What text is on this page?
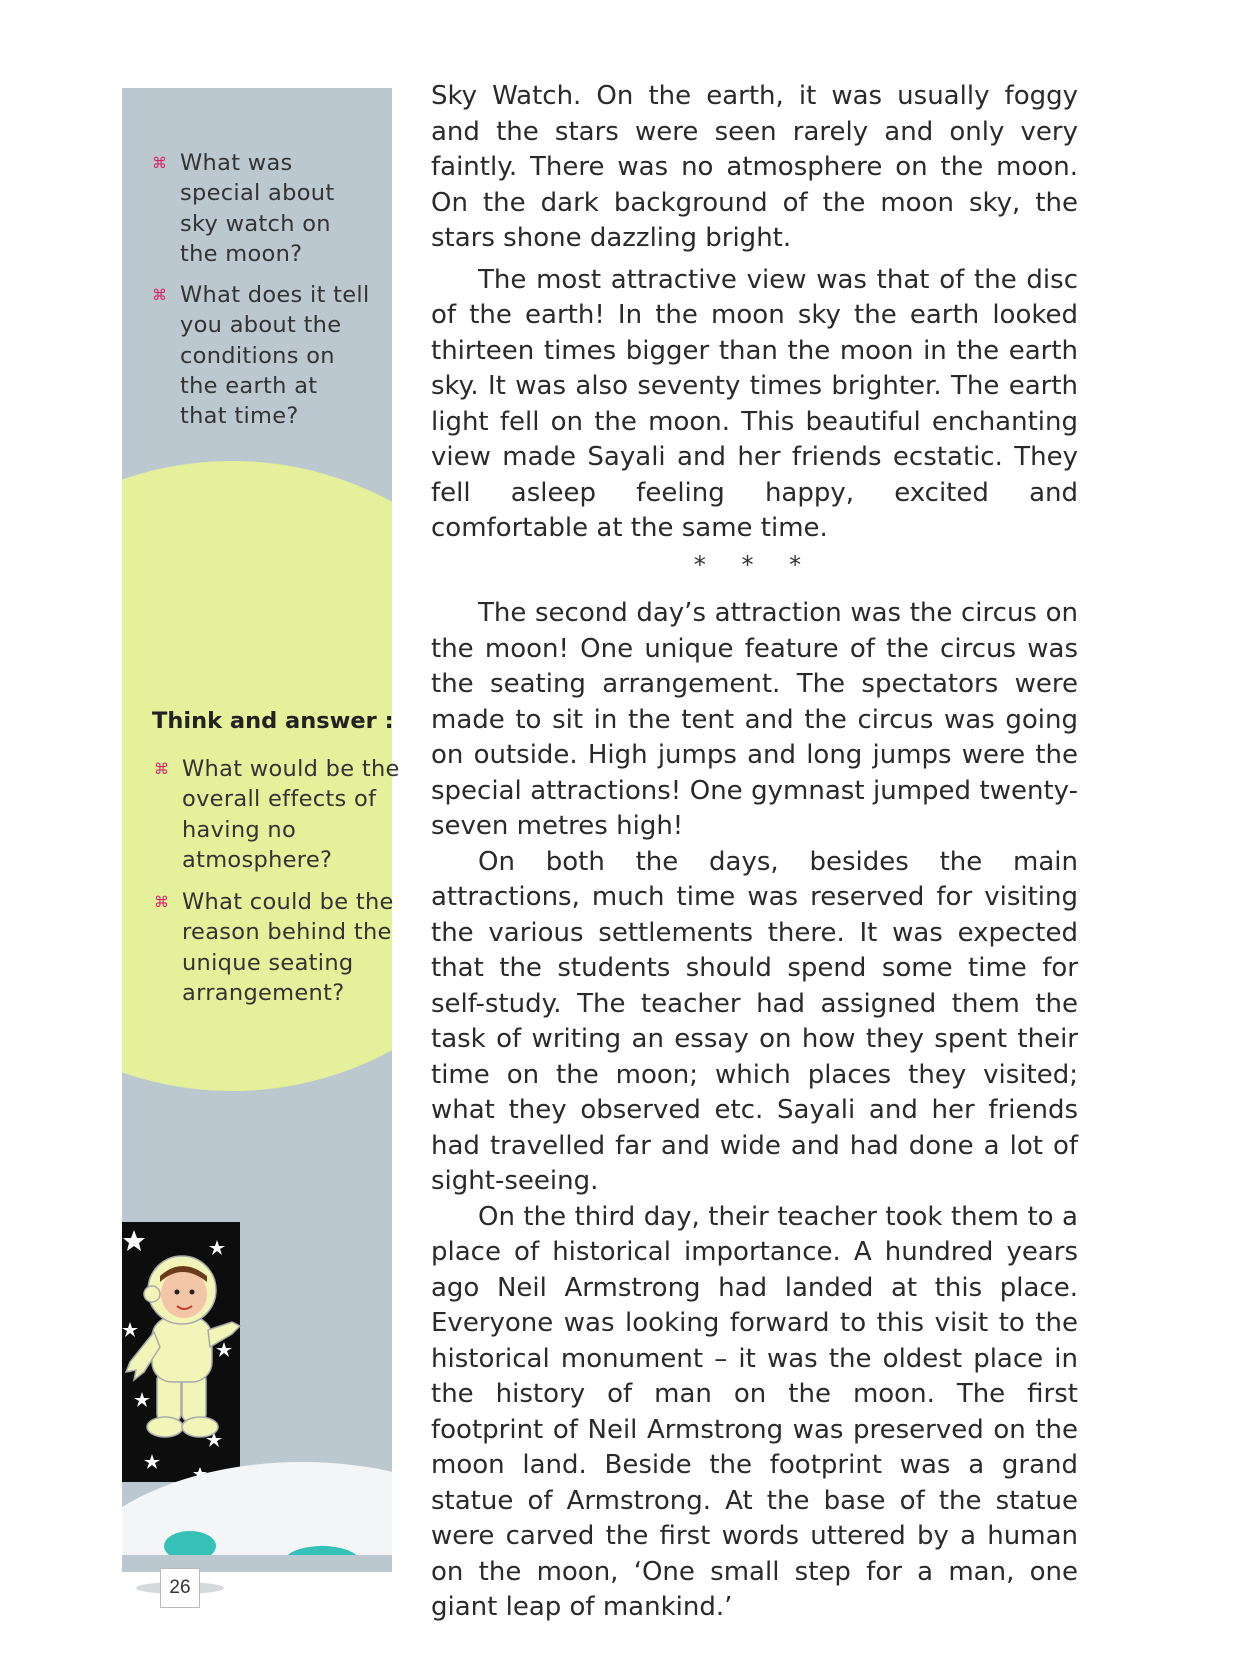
⌘ What was special about sky watch on the moon?
⌘ What does it tell you about the conditions on the earth at that time?
Think and answer :
⌘ What would be the overall effects of having no atmosphere?
⌘ What could be the reason behind the unique seating arrangement?
26

Sky Watch. On the earth, it was usually foggy and the stars were seen rarely and only very faintly. There was no atmosphere on the moon. On the dark background of the moon sky, the stars shone dazzling bright.

The most attractive view was that of the disc of the earth! In the moon sky the earth looked thirteen times bigger than the moon in the earth sky. It was also seventy times brighter. The earth light fell on the moon. This beautiful enchanting view made Sayali and her friends ecstatic. They fell asleep feeling happy, excited and comfortable at the same time.

* * *

The second day’s attraction was the circus on the moon! One unique feature of the circus was the seating arrangement. The spectators were made to sit in the tent and the circus was going on outside. High jumps and long jumps were the special attractions! One gymnast jumped twenty-seven metres high!

On both the days, besides the main attractions, much time was reserved for visiting the various settlements there. It was expected that the students should spend some time for self-study. The teacher had assigned them the task of writing an essay on how they spent their time on the moon; which places they visited; what they observed etc. Sayali and her friends had travelled far and wide and had done a lot of sight-seeing.

On the third day, their teacher took them to a place of historical importance. A hundred years ago Neil Armstrong had landed at this place. Everyone was looking forward to this visit to the historical monument – it was the oldest place in the history of man on the moon. The first footprint of Neil Armstrong was preserved on the moon land. Beside the footprint was a grand statue of Armstrong. At the base of the statue were carved the first words uttered by a human on the moon, ‘One small step for a man, one giant leap of mankind.’
